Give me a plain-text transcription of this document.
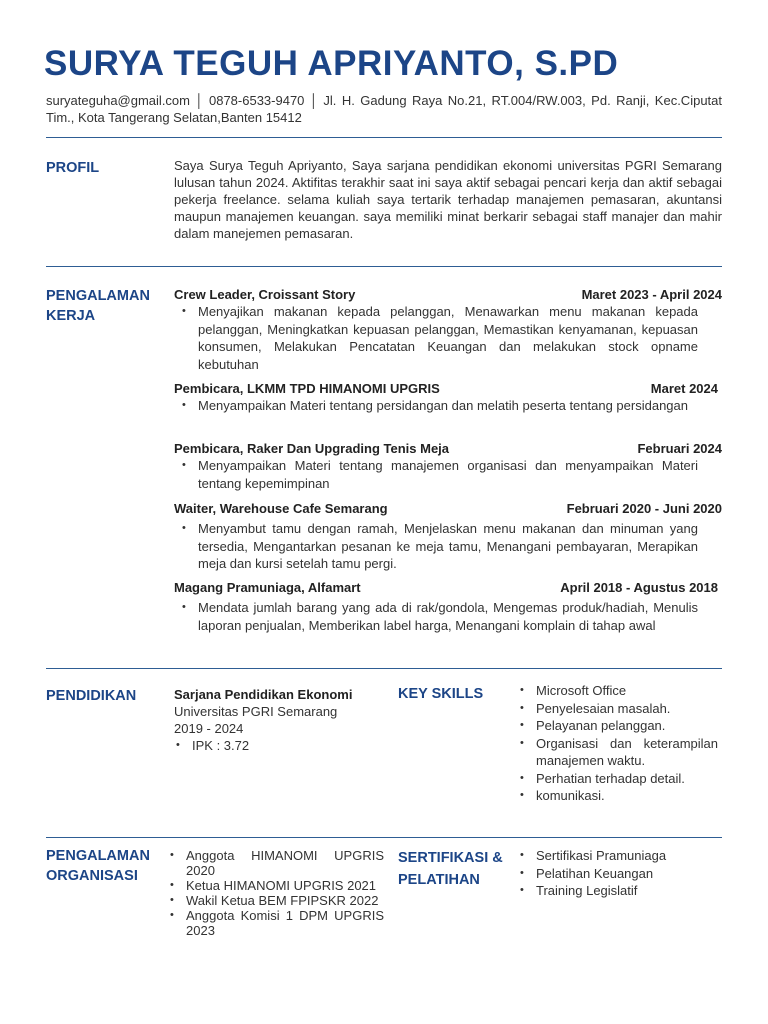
SURYA TEGUH APRIYANTO, S.PD
suryateguha@gmail.com │ 0878-6533-9470 │ Jl. H. Gadung Raya No.21, RT.004/RW.003, Pd. Ranji, Kec.Ciputat Tim., Kota Tangerang Selatan,Banten 15412
PROFIL	Saya Surya Teguh Apriyanto, Saya sarjana pendidikan ekonomi universitas PGRI Semarang lulusan tahun 2024. Aktifitas terakhir saat ini saya aktif sebagai pencari kerja dan aktif sebagai pekerja freelance. selama kuliah saya tertarik terhadap manajemen pemasaran, akuntansi maupun manajemen keuangan. saya memiliki minat berkarir sebagai staff manajer dan mahir dalam manejemen pemasaran.
PENGALAMAN
KERJA
Crew Leader, Croissant Story	Maret 2023 - April 2024
• Menyajikan makanan kepada pelanggan, Menawarkan menu makanan kepada pelanggan, Meningkatkan kepuasan pelanggan, Memastikan kenyamanan, kepuasan konsumen, Melakukan Pencatatan Keuangan dan melakukan stock opname kebutuhan
Pembicara, LKMM TPD HIMANOMI UPGRIS	Maret 2024
• Menyampaikan Materi tentang persidangan dan melatih peserta tentang persidangan
Pembicara, Raker Dan Upgrading Tenis Meja	Februari 2024
• Menyampaikan Materi tentang manajemen organisasi dan menyampaikan Materi tentang kepemimpinan
Waiter, Warehouse Cafe Semarang	Februari 2020 - Juni 2020
• Menyambut tamu dengan ramah, Menjelaskan menu makanan dan minuman yang tersedia, Mengantarkan pesanan ke meja tamu, Menangani pembayaran, Merapikan meja dan kursi setelah tamu pergi.
Magang Pramuniaga, Alfamart	April 2018 - Agustus 2018
• Mendata jumlah barang yang ada di rak/gondola, Mengemas produk/hadiah, Menulis laporan penjualan, Memberikan label harga, Menangani komplain di tahap awal
PENDIDIKAN	Sarjana Pendidikan Ekonomi
Universitas PGRI Semarang
2019 - 2024
• IPK : 3.72
KEY SKILLS
•	Microsoft Office
• Penyelesaian masalah.
• Pelayanan pelanggan.
• Organisasi dan keterampilan manajemen waktu.
• Perhatian terhadap detail.
• komunikasi.
PENGALAMAN
ORGANISASI
• Anggota HIMANOMI UPGRIS 2020
• Ketua HIMANOMI UPGRIS 2021
• Wakil Ketua BEM FPIPSKR 2022
• Anggota Komisi 1 DPM UPGRIS 2023
SERTIFIKASI &
PELATIHAN
• Sertifikasi Pramuniaga
• Pelatihan Keuangan
• Training Legislatif
